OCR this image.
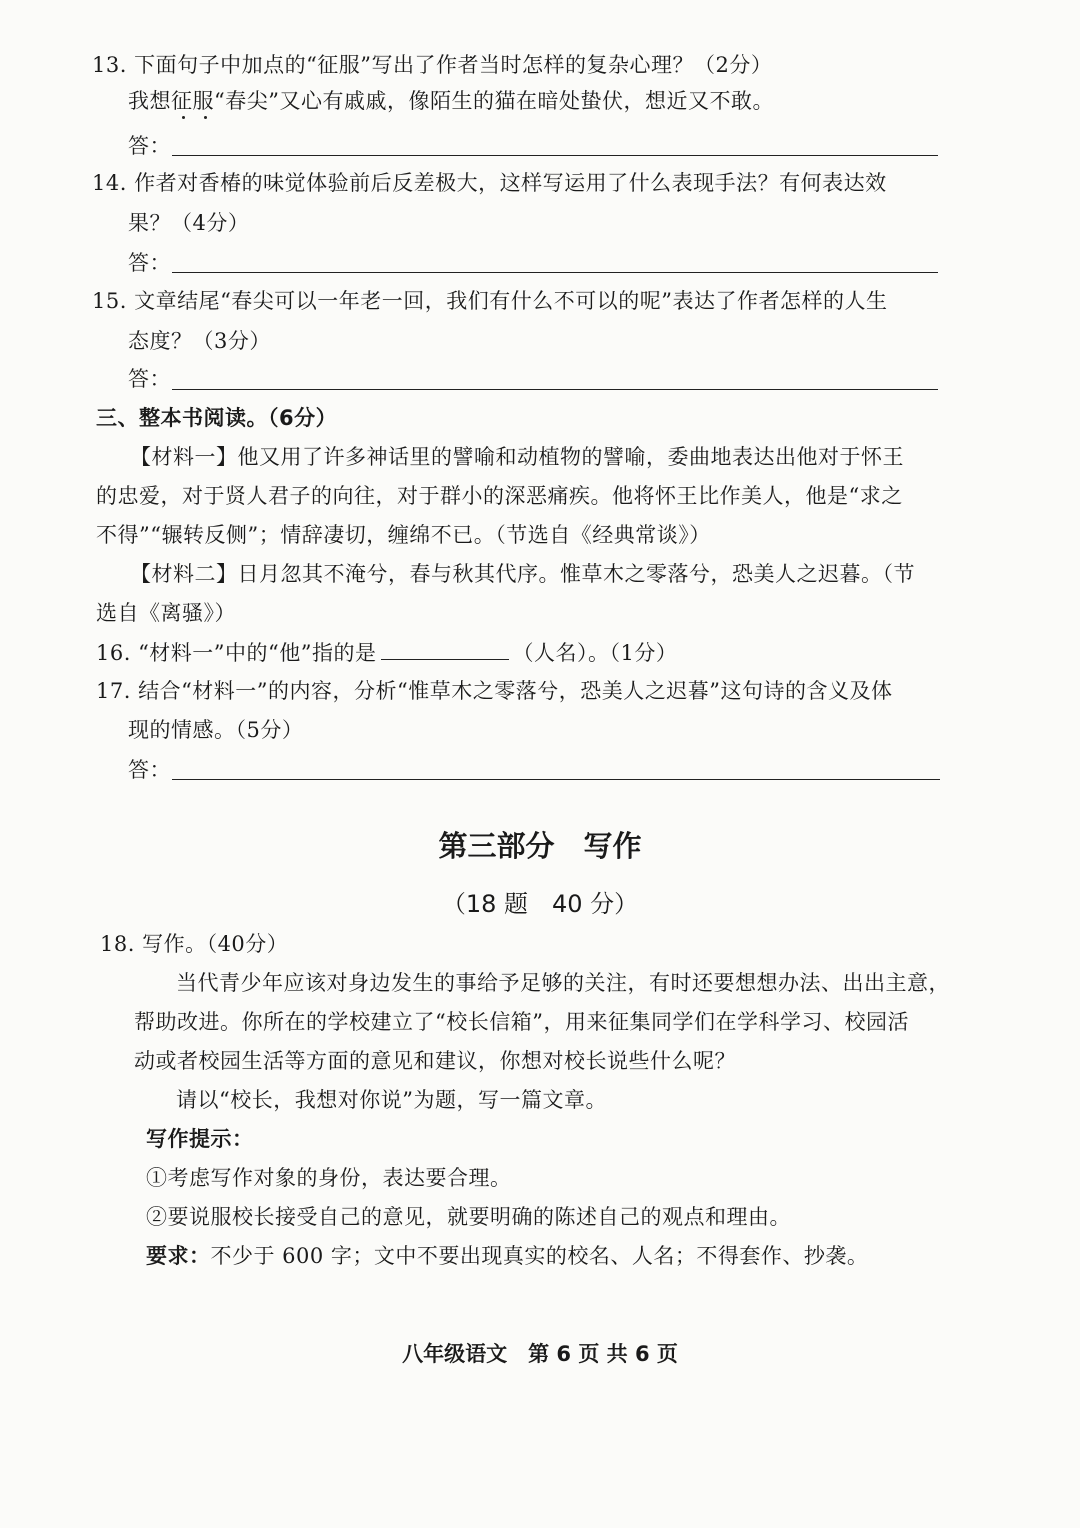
13. 下面句子中加点的“征服”写出了作者当时怎样的复杂心理？（2分）
我想征服“春尖”又心有戚戚，像陌生的猫在暗处蛰伏，想近又不敢。
答：
14. 作者对香椿的味觉体验前后反差极大，这样写运用了什么表现手法？有何表达效
果？（4分）
答：
15. 文章结尾“春尖可以一年老一回，我们有什么不可以的呢”表达了作者怎样的人生
态度？（3分）
答：
三、整本书阅读。（6分）
【材料一】他又用了许多神话里的譬喻和动植物的譬喻，委曲地表达出他对于怀王
的忠爱，对于贤人君子的向往，对于群小的深恶痛疾。他将怀王比作美人，他是“求之
不得”“辗转反侧”；情辞凄切，缠绵不已。（节选自《经典常谈》）
【材料二】日月忽其不淹兮，春与秋其代序。惟草木之零落兮，恐美人之迟暮。（节
选自《离骚》）
16. “材料一”中的“他”指的是	（人名）。（1分）
17. 结合“材料一”的内容，分析“惟草木之零落兮，恐美人之迟暮”这句诗的含义及体
现的情感。（5分）
答：
第三部分　写作
（18 题　40 分）
18. 写作。（40分）
当代青少年应该对身边发生的事给予足够的关注，有时还要想想办法、出出主意，
帮助改进。你所在的学校建立了“校长信箱”，用来征集同学们在学科学习、校园活
动或者校园生活等方面的意见和建议，你想对校长说些什么呢？
请以“校长，我想对你说”为题，写一篇文章。
写作提示：
①考虑写作对象的身份，表达要合理。
②要说服校长接受自己的意见，就要明确的陈述自己的观点和理由。
要求：不少于 600 字；文中不要出现真实的校名、人名；不得套作、抄袭。
八年级语文　第 6 页 共 6 页
